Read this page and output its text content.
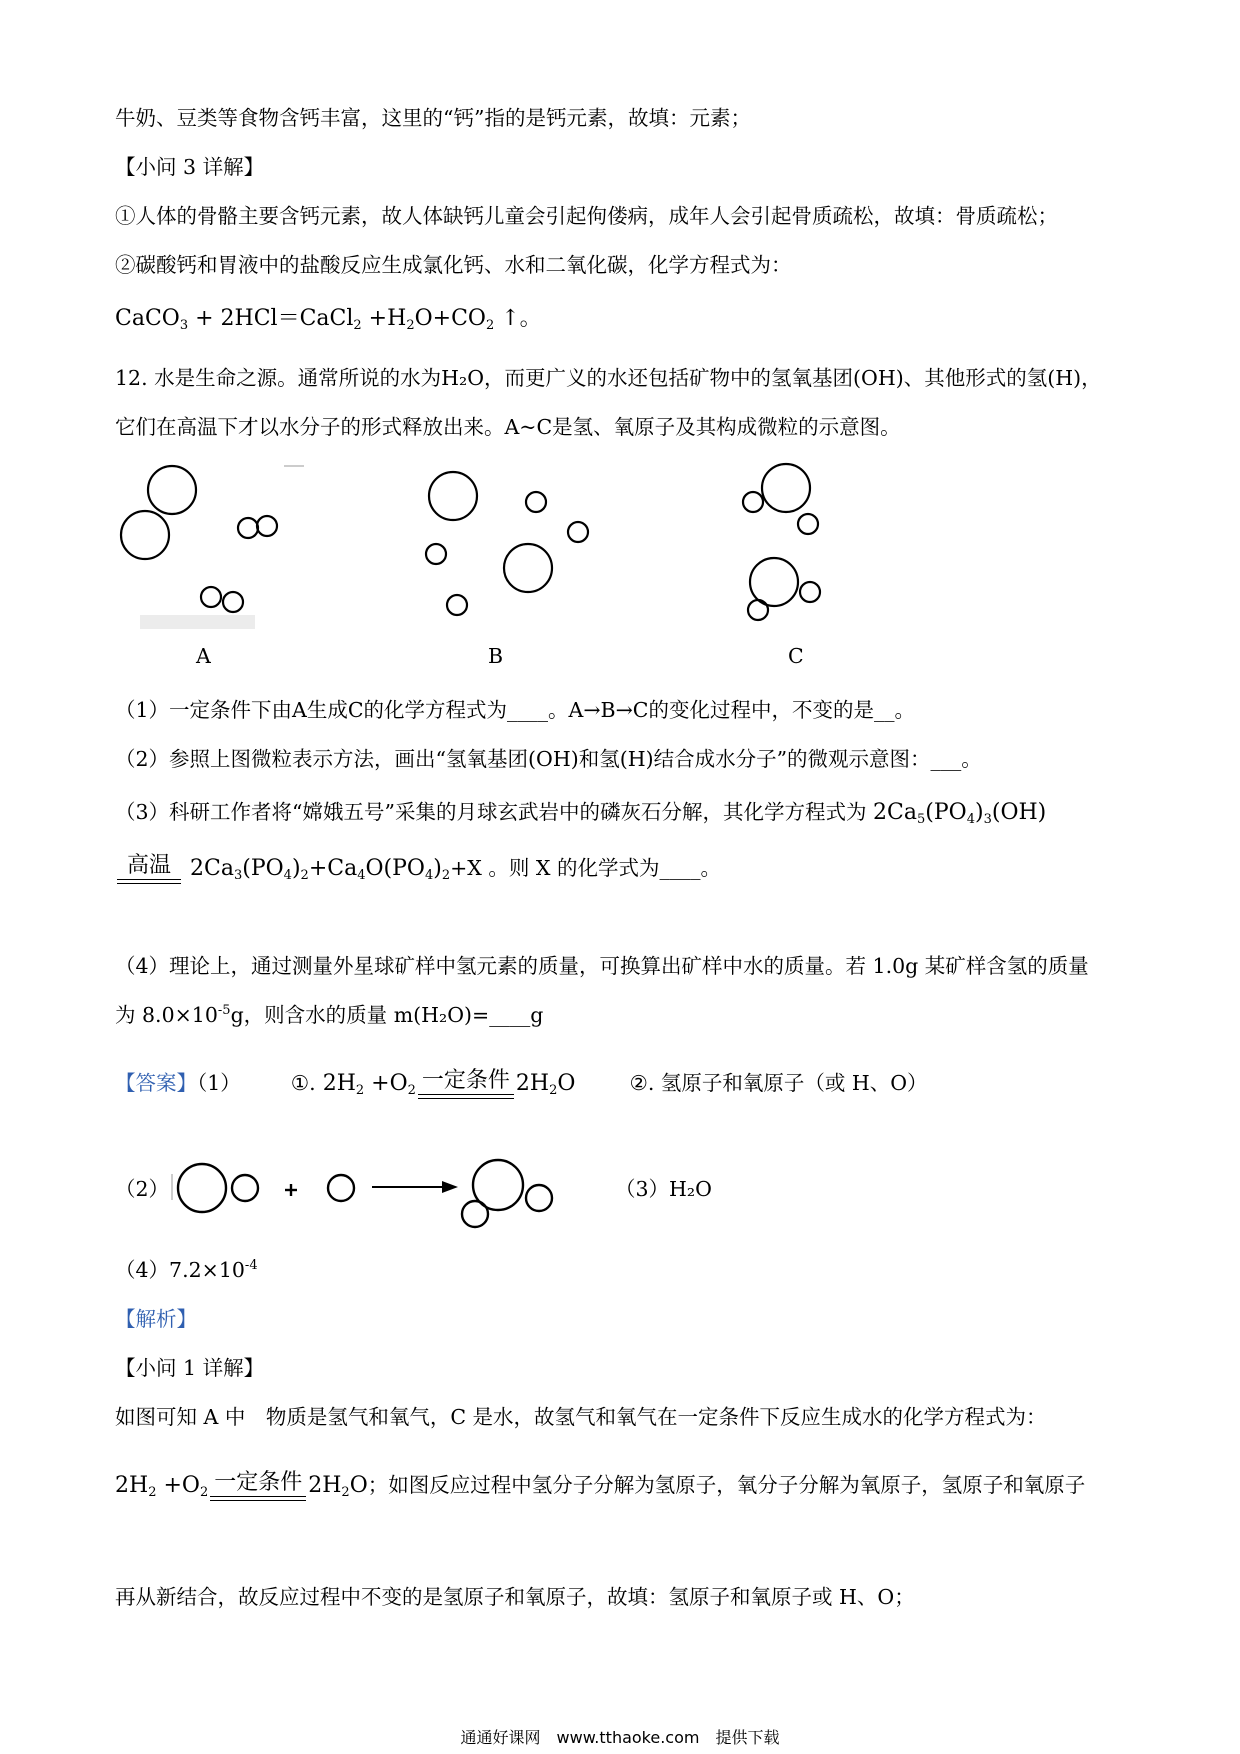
牛奶、豆类等食物含钙丰富，这里的“钙”指的是钙元素，故填：元素；
【小问 3 详解】
①人体的骨骼主要含钙元素，故人体缺钙儿童会引起佝偻病，成年人会引起骨质疏松，故填：骨质疏松；
②碳酸钙和胃液中的盐酸反应生成氯化钙、水和二氧化碳，化学方程式为：
CaCO$_3$ + 2HCl＝CaCl$_2$ $+H_2O+CO_2$ ↑。
12. 水是生命之源。通常所说的水为H₂O，而更广义的水还包括矿物中的氢氧基团(OH)、其他形式的氢(H)，
它们在高温下才以水分子的形式释放出来。A~C是氢、氧原子及其构成微粒的示意图。
A	B	C
（1）一定条件下由A生成C的化学方程式为____。A→B→C的变化过程中，不变的是__。
（2）参照上图微粒表示方法，画出“氢氧基团(OH)和氢(H)结合成水分子”的微观示意图：___。
（3）科研工作者将“嫦娥五号”采集的月球玄武岩中的磷灰石分解，其化学方程式为 $2Ca_5(PO_4)_3(OH)$
高温 $2Ca_3(PO_4)_2+Ca_4O(PO_4)_2+X$ 。则 X 的化学式为____。
（4）理论上，通过测量外星球矿样中氢元素的质量，可换算出矿样中水的质量。若 1.0g 某矿样含氢的质量
为 $8.0\times 10^{-5}g$，则含水的质量 m(H₂O)=____g
【答案】（1） ①. $2H_2 +O_2$ 一定条件 $2H_2O$	②. 氢原子和氧原子（或 H、O）
（2）	（3）H₂O
$(4)7.2\times 10^{-4}$
【解析】
【小问 1 详解】
如图可知 A 中　物质是氢气和氧气，C 是水，故氢气和氧气在一定条件下反应生成水的化学方程式为：
$2H_2 +O_2$ 一定条件 $2H_2O$；如图反应过程中氢分子分解为氢原子，氧分子分解为氧原子，氢原子和氧原子
再从新结合，故反应过程中不变的是氢原子和氧原子，故填：氢原子和氧原子或 H、O；
通通好课网　www.tthaoke.com　提供下载
